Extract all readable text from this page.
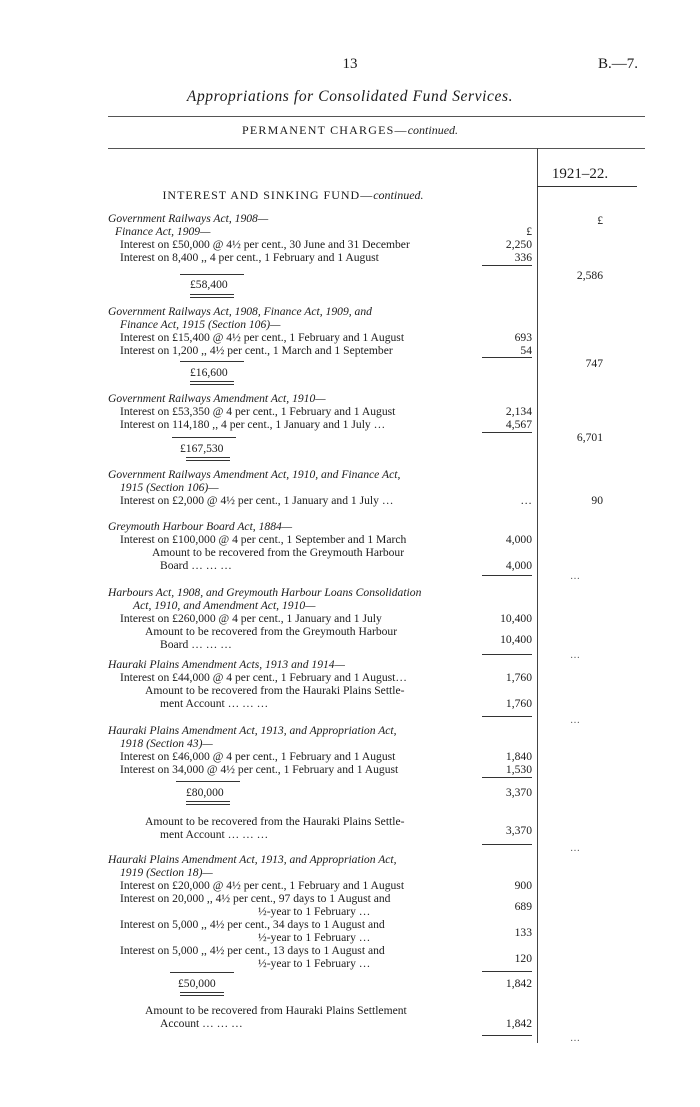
13	B.—7.
Appropriations for Consolidated Fund Services.
PERMANENT CHARGES—continued.
1921–22.
INTEREST AND SINKING FUND—continued.
Government Railways Act, 1908—
Finance Act, 1909—
Interest on £50,000 @ 4½ per cent., 30 June and 31 December
Interest on 8,400 ,, 4 per cent., 1 February and 1 August
Government Railways Act, 1908, Finance Act, 1909, and
Finance Act, 1915 (Section 106)—
Interest on £15,400 @ 4½ per cent., 1 February and 1 August
Interest on 1,200 ,, 4½ per cent., 1 March and 1 September
Government Railways Amendment Act, 1910—
Interest on £53,350 @ 4 per cent., 1 February and 1 August
Interest on 114,180 ,, 4 per cent., 1 January and 1 July …
Government Railways Amendment Act, 1910, and Finance Act,
1915 (Section 106)—
Interest on £2,000 @ 4½ per cent., 1 January and 1 July …
Greymouth Harbour Board Act, 1884—
Interest on £100,000 @ 4 per cent., 1 September and 1 March
Amount to be recovered from the Greymouth Harbour
Board … … …
Harbours Act, 1908, and Greymouth Harbour Loans Consolidation
Act, 1910, and Amendment Act, 1910—
Interest on £260,000 @ 4 per cent., 1 January and 1 July
Amount to be recovered from the Greymouth Harbour
Board … … …
Hauraki Plains Amendment Acts, 1913 and 1914—
Interest on £44,000 @ 4 per cent., 1 February and 1 August…
Amount to be recovered from the Hauraki Plains Settle-
ment Account … … …
Hauraki Plains Amendment Act, 1913, and Appropriation Act,
1918 (Section 43)—
Interest on £46,000 @ 4 per cent., 1 February and 1 August
Interest on 34,000 @ 4½ per cent., 1 February and 1 August
Amount to be recovered from the Hauraki Plains Settle-
ment Account … … …
Hauraki Plains Amendment Act, 1913, and Appropriation Act,
1919 (Section 18)—
Interest on £20,000 @ 4½ per cent., 1 February and 1 August
Interest on 20,000 ,, 4½ per cent., 97 days to 1 August and
½-year to 1 February …
Interest on 5,000 ,, 4½ per cent., 34 days to 1 August and
½-year to 1 February …
Interest on 5,000 ,, 4½ per cent., 13 days to 1 August and
½-year to 1 February …
Amount to be recovered from Hauraki Plains Settlement
Account … … …
£
2,250
336
693
54
2,134
4,567
…
4,000
4,000
10,400
10,400
1,760
1,760
1,840
1,530
3,370
3,370
900
689
133
120
1,842
1,842
£
2,586
747
6,701
90
…
…
…
…
…
£58,400
£16,600
£167,530
£80,000
£50,000
